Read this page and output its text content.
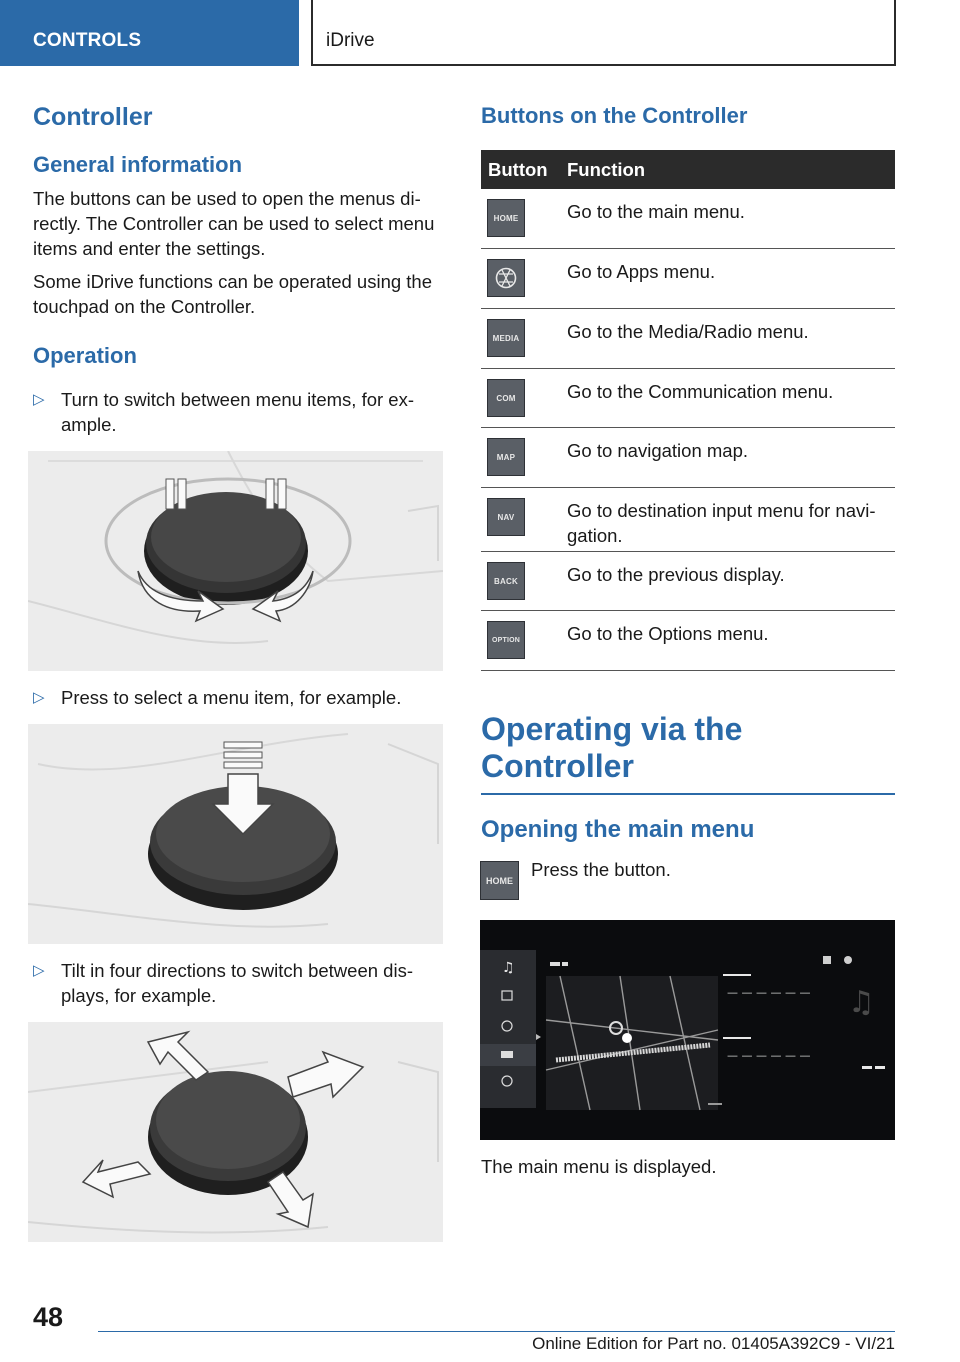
CONTROLS	iDrive
Controller
General information

The buttons can be used to open the menus directly. The Controller can be used to select menu items and enter the settings.

Some iDrive functions can be operated using the touchpad on the Controller.

Operation
▷ Turn to switch between menu items, for example.
▷ Press to select a menu item, for example.
▷ Tilt in four directions to switch between displays, for example.
Buttons on the Controller
Button Function
HOME	Go to the main menu.
Go to Apps menu.
MEDIA	Go to the Media/Radio menu.
COM	Go to the Communication menu.
MAP	Go to navigation map.
NAV	Go to destination input menu for navigation.
BACK	Go to the previous display.
OPTION	Go to the Options menu.
Operating via the Controller
Opening the main menu
HOME

Press the button.

♫
— — — — — —
— — — — — —
♫

The main menu is displayed.

48
Online Edition for Part no. 01405A392C9 - VI/21
